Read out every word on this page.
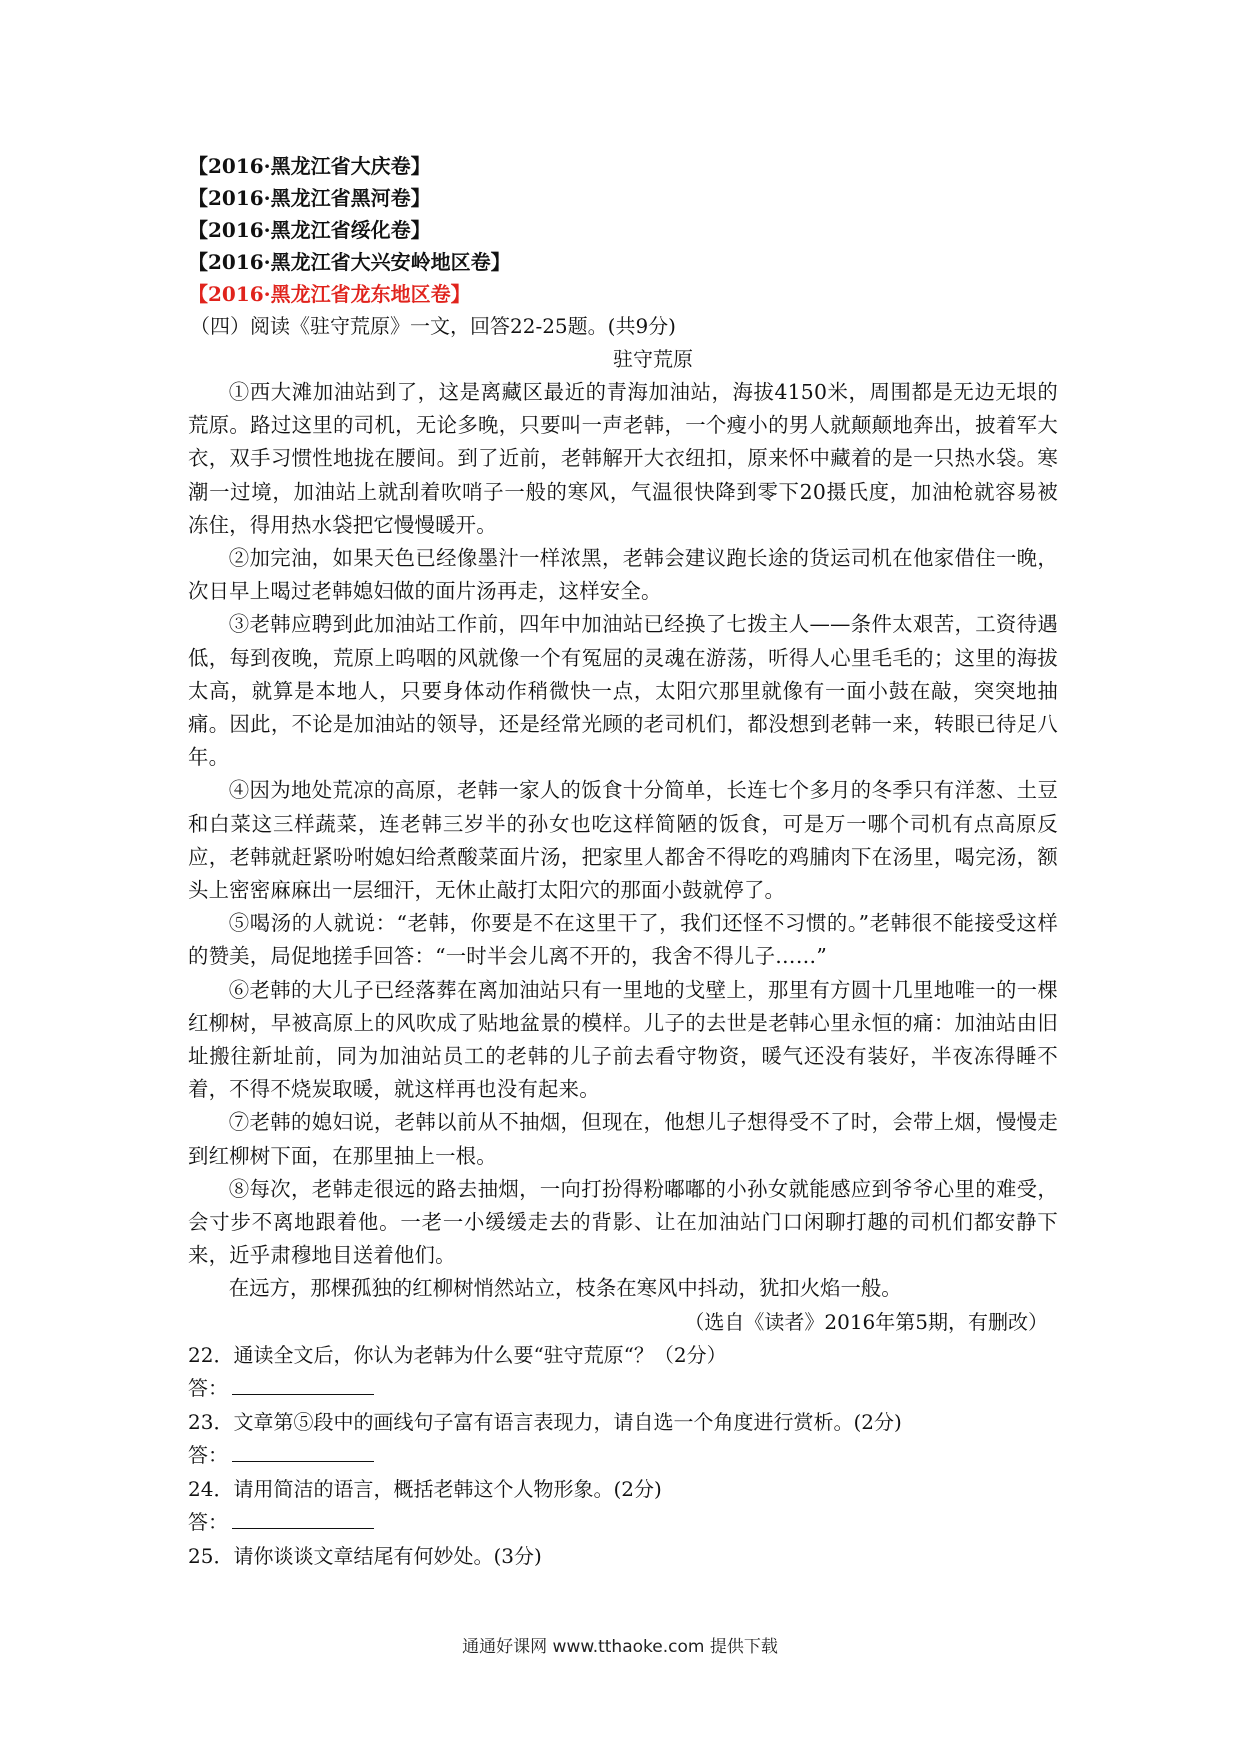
【2016·黑龙江省大庆卷】
【2016·黑龙江省黑河卷】
【2016·黑龙江省绥化卷】
【2016·黑龙江省大兴安岭地区卷】
【2016·黑龙江省龙东地区卷】
（四）阅读《驻守荒原》一文，回答22-25题。(共9分)
驻守荒原

①西大滩加油站到了，这是离藏区最近的青海加油站，海拔4150米，周围都是无边无垠的荒原。路过这里的司机，无论多晚，只要叫一声老韩，一个瘦小的男人就颠颠地奔出，披着军大衣，双手习惯性地拢在腰间。到了近前，老韩解开大衣纽扣，原来怀中藏着的是一只热水袋。寒潮一过境，加油站上就刮着吹哨子一般的寒风，气温很快降到零下20摄氏度，加油枪就容易被冻住，得用热水袋把它慢慢暖开。

②加完油，如果天色已经像墨汁一样浓黑，老韩会建议跑长途的货运司机在他家借住一晚，次日早上喝过老韩媳妇做的面片汤再走，这样安全。

③老韩应聘到此加油站工作前，四年中加油站已经换了七拨主人——条件太艰苦，工资待遇低，每到夜晚，荒原上呜咽的风就像一个有冤屈的灵魂在游荡，听得人心里毛毛的；这里的海拔太高，就算是本地人，只要身体动作稍微快一点，太阳穴那里就像有一面小鼓在敲，突突地抽痛。因此，不论是加油站的领导，还是经常光顾的老司机们，都没想到老韩一来，转眼已待足八年。

④因为地处荒凉的高原，老韩一家人的饭食十分简单，长连七个多月的冬季只有洋葱、土豆和白菜这三样蔬菜，连老韩三岁半的孙女也吃这样简陋的饭食，可是万一哪个司机有点高原反应，老韩就赶紧吩咐媳妇给煮酸菜面片汤，把家里人都舍不得吃的鸡脯肉下在汤里，喝完汤，额头上密密麻麻出一层细汗，无休止敲打太阳穴的那面小鼓就停了。

⑤喝汤的人就说：“老韩，你要是不在这里干了，我们还怪不习惯的。”老韩很不能接受这样的赞美，局促地搓手回答：“一时半会儿离不开的，我舍不得儿子……”

⑥老韩的大儿子已经落葬在离加油站只有一里地的戈壁上，那里有方圆十几里地唯一的一棵红柳树，早被高原上的风吹成了贴地盆景的模样。儿子的去世是老韩心里永恒的痛：加油站由旧址搬往新址前，同为加油站员工的老韩的儿子前去看守物资，暖气还没有装好，半夜冻得睡不着，不得不烧炭取暖，就这样再也没有起来。

⑦老韩的媳妇说，老韩以前从不抽烟，但现在，他想儿子想得受不了时，会带上烟，慢慢走到红柳树下面，在那里抽上一根。

⑧每次，老韩走很远的路去抽烟，一向打扮得粉嘟嘟的小孙女就能感应到爷爷心里的难受，会寸步不离地跟着他。一老一小缓缓走去的背影、让在加油站门口闲聊打趣的司机们都安静下来，近乎肃穆地目送着他们。

在远方，那棵孤独的红柳树悄然站立，枝条在寒风中抖动，犹扣火焰一般。

（选自《读者》2016年第5期，有删改）
22．通读全文后，你认为老韩为什么要“驻守荒原“？（2分）
答：
23．文章第⑤段中的画线句子富有语言表现力，请自选一个角度进行赏析。(2分)
答：
24．请用简洁的语言，概括老韩这个人物形象。(2分)
答：
25．请你谈谈文章结尾有何妙处。(3分)
通通好课网 www.tthaoke.com 提供下载
